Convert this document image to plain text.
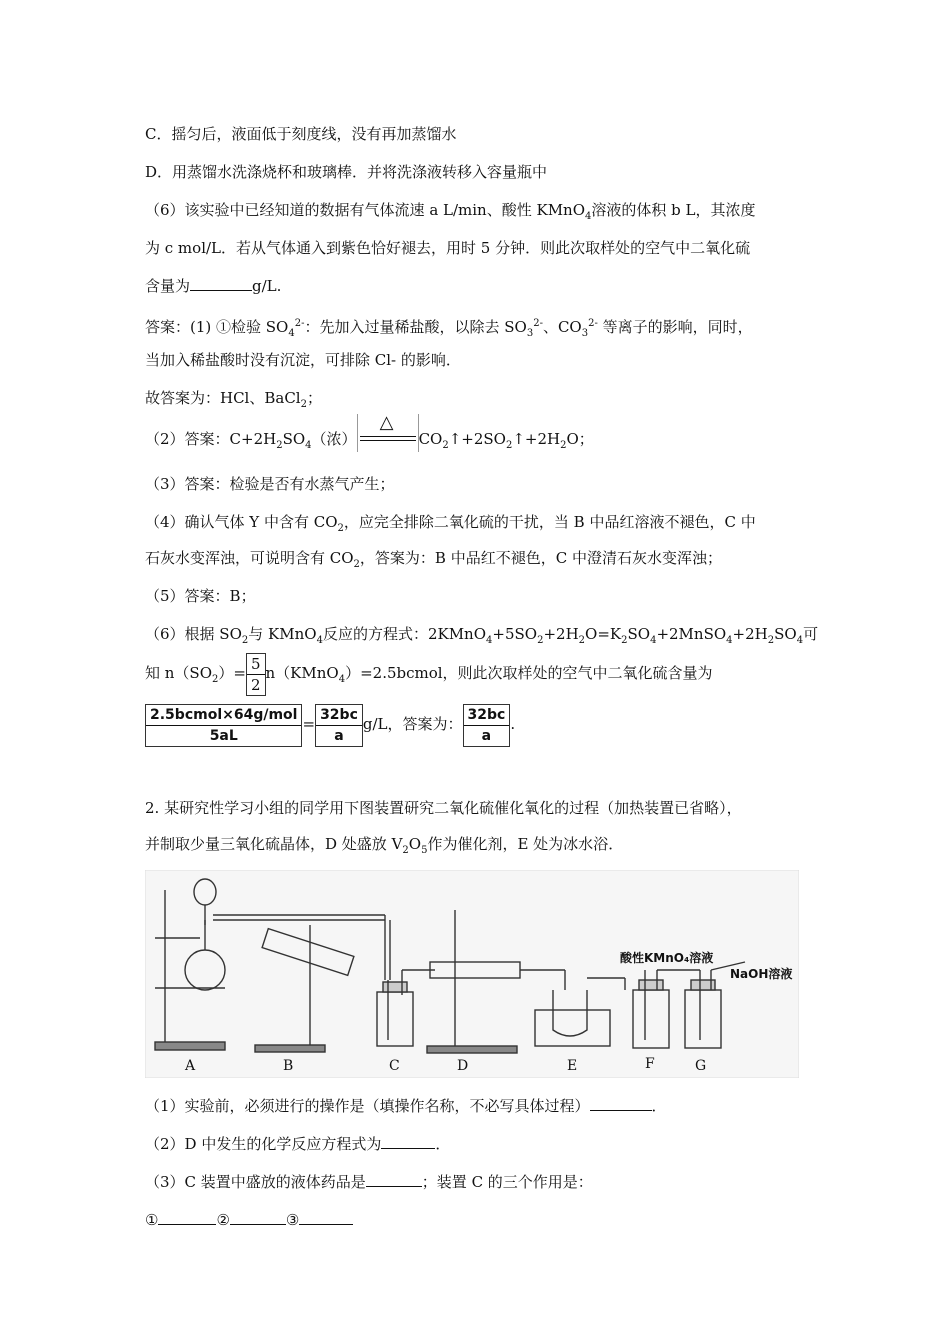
C．摇匀后，液面低于刻度线，没有再加蒸馏水
D．用蒸馏水洗涤烧杯和玻璃棒．并将洗涤液转移入容量瓶中
（6）该实验中已经知道的数据有气体流速 a L/min、酸性 KMnO$_4$溶液的体积 b L，其浓度
为 c mol/L．若从气体通入到紫色恰好褪去，用时 5 分钟．则此次取样处的空气中二氧化硫
含量为	g/L.
答案：(1) ①检验 $SO_4^{2-}$：先加入过量稀盐酸，以除去 $SO_3^{2-}$、$CO_3^{2-}$ 等离子的影响，同时，
当加入稀盐酸时没有沉淀，可排除 Cl- 的影响．
故答案为：HCl、BaCl$_2$；
（2）答案：$C+2H_2SO_4$（浓）
△
$CO_2↑+2SO_2↑+2H_2O$；
（3）答案：检验是否有水蒸气产生；
（4）确认气体 Y 中含有 $CO_2$，应完全排除二氧化硫的干扰，当 B 中品红溶液不褪色，C 中
石灰水变浑浊，可说明含有 $CO_2$，答案为：B 中品红不褪色，C 中澄清石灰水变浑浊；
（5）答案：B；
（6）根据 $SO_2$与 KMnO$_4$反应的方程式：$2KMnO_4+5SO_2+2H_2O=K_2SO_4+2MnSO_4+2H_2SO_4$可
知 $n(SO_2)= \frac{5}{2}$ n（KMnO$_4$）=2.5bcmol，则此次取样处的空气中二氧化硫含量为
$\frac{\text{2.5bcmol×64g/mol}}{5aL} = \frac{32bc}{a} g/L$，答案为： $\frac{32bc}{a}$ .
2. 某研究性学习小组的同学用下图装置研究二氧化硫催化氧化的过程（加热装置已省略），
并制取少量三氧化硫晶体，D 处盛放 $V_2O_5$作为催化剂，E 处为冰水浴．
A	B	C	D	E	F	G
酸性KMnO₄溶液
NaOH溶液
（1）实验前，必须进行的操作是（填操作名称，不必写具体过程）	．
（2）D 中发生的化学反应方程式为	．
（3）C 装置中盛放的液体药品是	；装置 C 的三个作用是：
①	②	③
